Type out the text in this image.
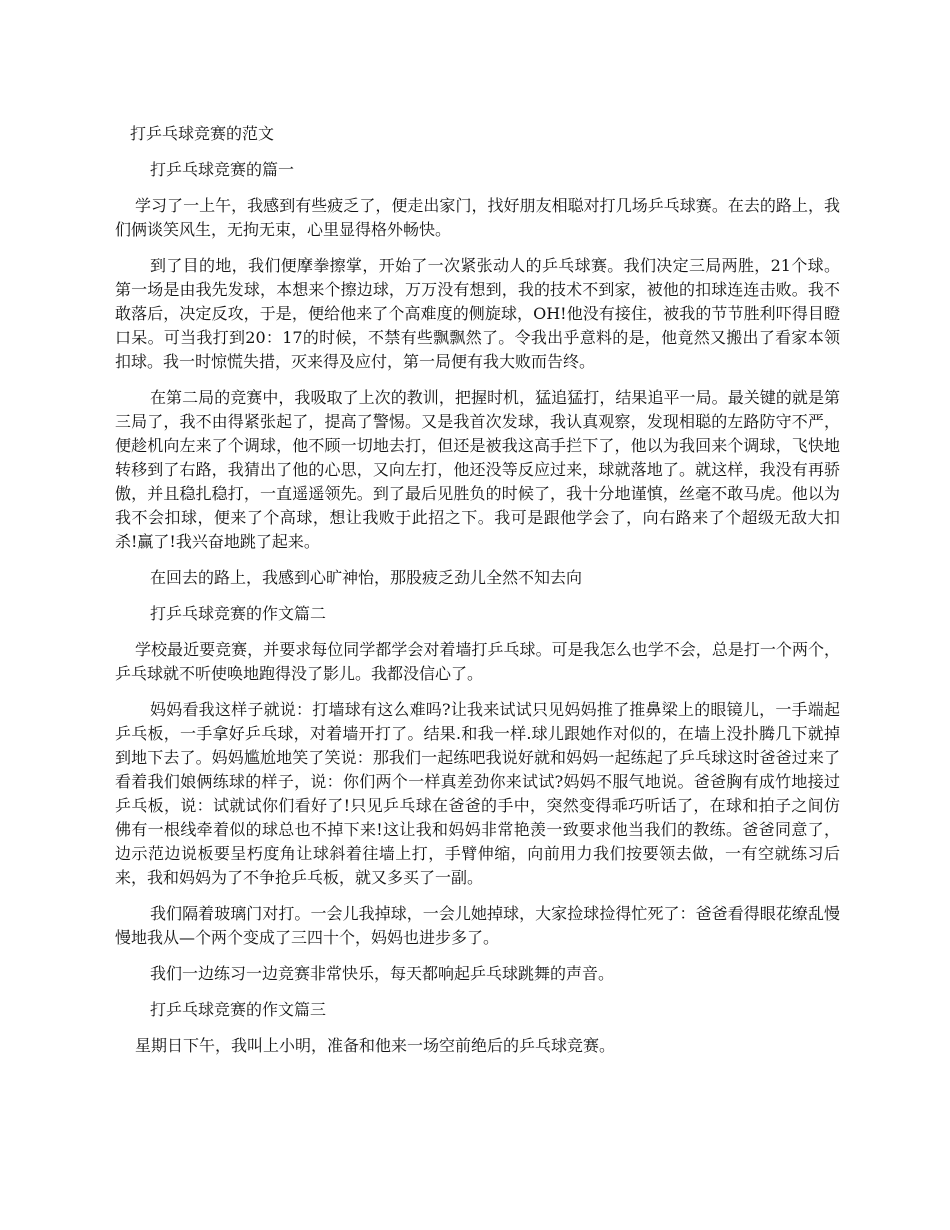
打乒乓球竞赛的范文
打乒乓球竞赛的篇一
学习了一上午，我感到有些疲乏了，便走出家门，找好朋友相聪对打几场乒乓球赛。在去的路上，我们俩谈笑风生，无拘无束，心里显得格外畅快。
到了目的地，我们便摩拳擦掌，开始了一次紧张动人的乒乓球赛。我们决定三局两胜，21个球。第一场是由我先发球，本想来个擦边球，万万没有想到，我的技术不到家，被他的扣球连连击败。我不敢落后，决定反攻，于是，便给他来了个高难度的侧旋球，OH!他没有接住，被我的节节胜利吓得目瞪口呆。可当我打到20：17的时候，不禁有些飘飘然了。令我出乎意料的是，他竟然又搬出了看家本领扣球。我一时惊慌失措，灭来得及应付，第一局便有我大败而告终。
在第二局的竞赛中，我吸取了上次的教训，把握时机，猛追猛打，结果追平一局。最关键的就是第三局了，我不由得紧张起了，提高了警惕。又是我首次发球，我认真观察，发现相聪的左路防守不严，便趁机向左来了个调球，他不顾一切地去打，但还是被我这高手拦下了，他以为我回来个调球，飞快地转移到了右路，我猜出了他的心思，又向左打，他还没等反应过来，球就落地了。就这样，我没有再骄傲，并且稳扎稳打，一直遥遥领先。到了最后见胜负的时候了，我十分地谨慎，丝毫不敢马虎。他以为我不会扣球，便来了个高球，想让我败于此招之下。我可是跟他学会了，向右路来了个超级无敌大扣杀!赢了!我兴奋地跳了起来。
在回去的路上，我感到心旷神怡，那股疲乏劲儿全然不知去向
打乒乓球竞赛的作文篇二
学校最近要竞赛，并要求每位同学都学会对着墙打乒乓球。可是我怎么也学不会，总是打一个两个，乒乓球就不听使唤地跑得没了影儿。我都没信心了。
妈妈看我这样子就说：打墙球有这么难吗?让我来试试只见妈妈推了推鼻梁上的眼镜儿，一手端起乒乓板，一手拿好乒乓球，对着墙开打了。结果.和我一样.球儿跟她作对似的，在墙上没扑腾几下就掉到地下去了。妈妈尴尬地笑了笑说：那我们一起练吧我说好就和妈妈一起练起了乒乓球这时爸爸过来了看着我们娘俩练球的样子，说：你们两个一样真差劲你来试试?妈妈不服气地说。爸爸胸有成竹地接过乒乓板，说：试就试你们看好了!只见乒乓球在爸爸的手中，突然变得乖巧听话了，在球和拍子之间仿佛有一根线牵着似的球总也不掉下来!这让我和妈妈非常艳羡一致要求他当我们的教练。爸爸同意了，边示范边说板要呈朽度角让球斜着往墙上打，手臂伸缩，向前用力我们按要领去做，一有空就练习后来，我和妈妈为了不争抢乒乓板，就又多买了一副。
我们隔着玻璃门对打。一会儿我掉球，一会儿她掉球，大家捡球捡得忙死了：爸爸看得眼花缭乱慢慢地我从—个两个变成了三四十个，妈妈也进步多了。
我们一边练习一边竞赛非常快乐，每天都响起乒乓球跳舞的声音。
打乒乓球竞赛的作文篇三
星期日下午，我叫上小明，准备和他来一场空前绝后的乒乓球竞赛。
